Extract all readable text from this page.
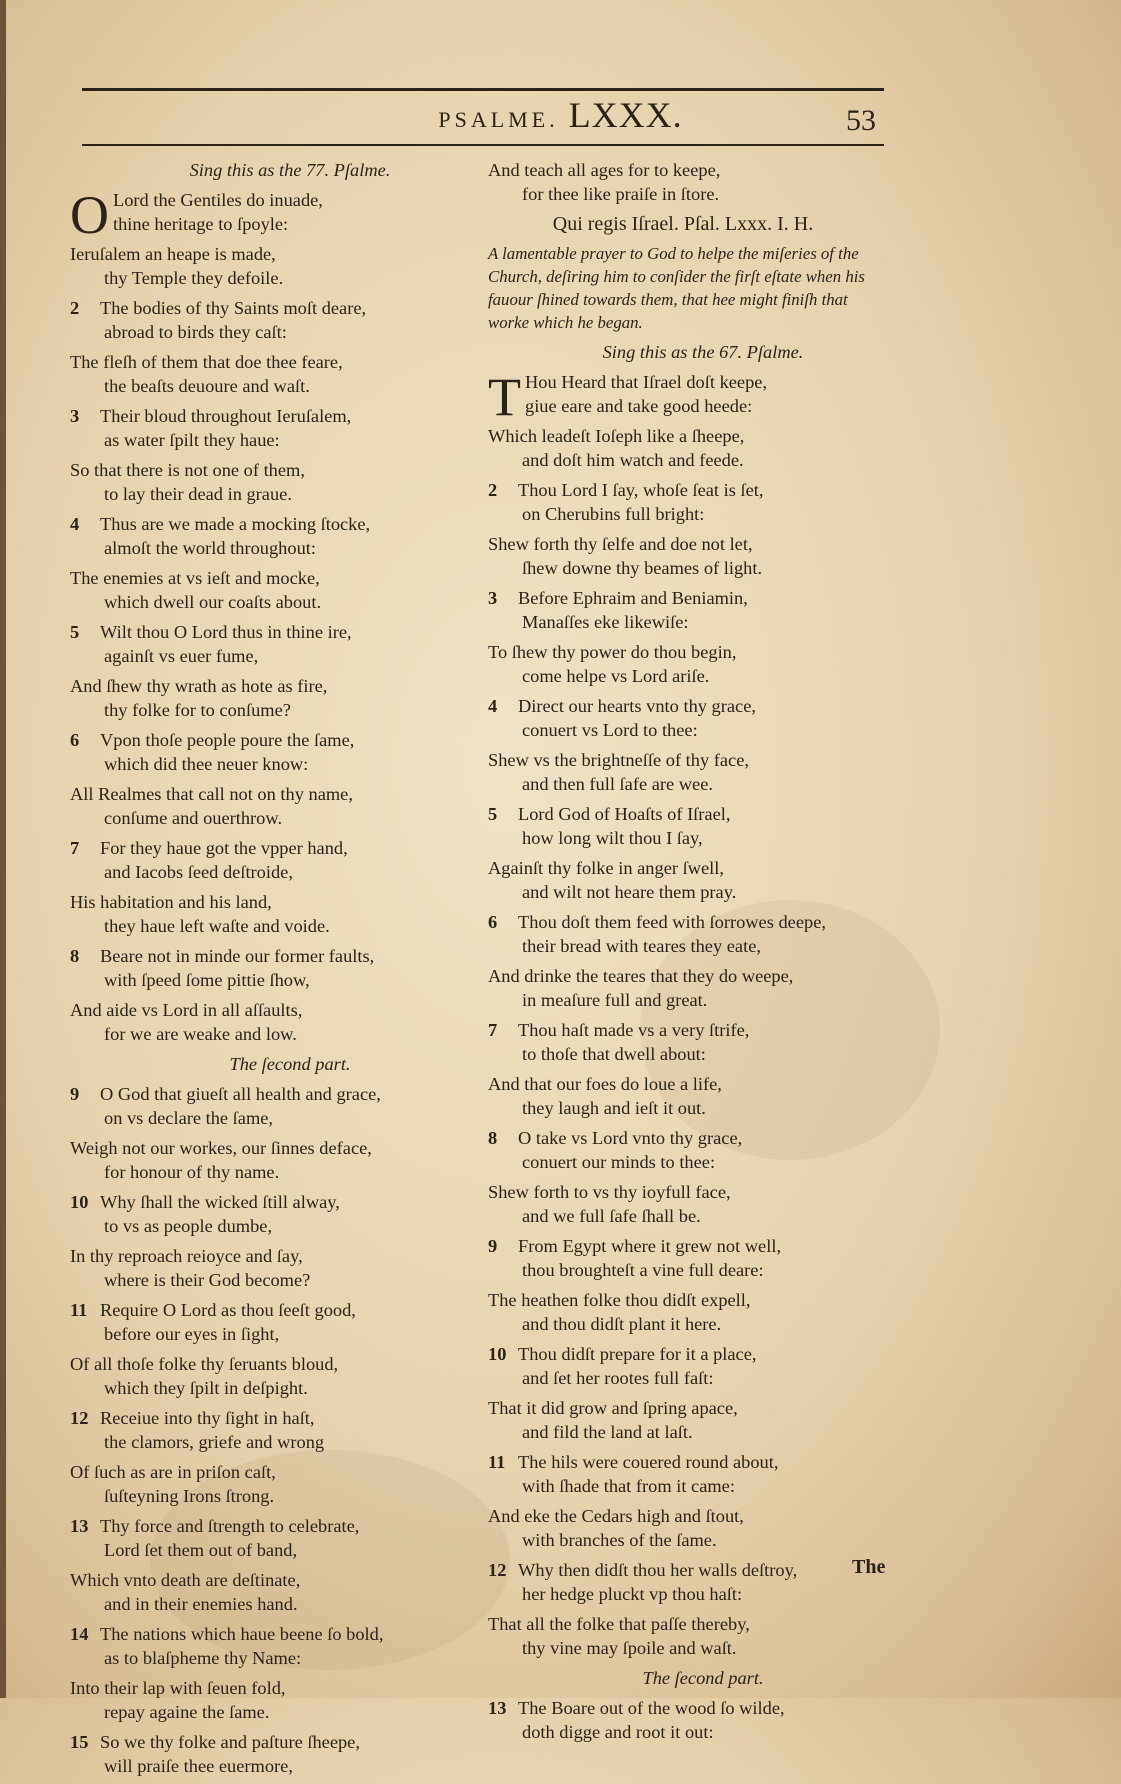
PSALME. LXXX.	53
Sing this as the 77. Pſalme.
O Lord the Gentiles do inuade,
thine heritage to ſpoyle:
Ieruſalem an heape is made,
thy Temple they defoile.
2 The bodies of thy Saints moſt deare,
abroad to birds they caſt:
The fleſh of them that doe thee feare,
the beaſts deuoure and waſt.
3 Their bloud throughout Ieruſalem,
as water ſpilt they haue:
So that there is not one of them,
to lay their dead in graue.
4 Thus are we made a mocking ſtocke,
almoſt the world throughout:
The enemies at vs ieſt and mocke,
which dwell our coaſts about.
5 Wilt thou O Lord thus in thine ire,
againſt vs euer fume,
And ſhew thy wrath as hote as fire,
thy folke for to conſume?
6 Vpon thoſe people poure the ſame,
which did thee neuer know:
All Realmes that call not on thy name,
conſume and ouerthrow.
7 For they haue got the vpper hand,
and Iacobs ſeed deſtroide,
His habitation and his land,
they haue left waſte and voide.
8 Beare not in minde our former faults,
with ſpeed ſome pittie ſhow,
And aide vs Lord in all aſſaults,
for we are weake and low.
The ſecond part.
9 O God that giueſt all health and grace,
on vs declare the ſame,
Weigh not our workes, our ſinnes deface,
for honour of thy name.
10 Why ſhall the wicked ſtill alway,
to vs as people dumbe,
In thy reproach reioyce and ſay,
where is their God become?
11 Require O Lord as thou ſeeſt good,
before our eyes in ſight,
Of all thoſe folke thy ſeruants bloud,
which they ſpilt in deſpight.
12 Receiue into thy ſight in haſt,
the clamors, griefe and wrong
Of ſuch as are in priſon caſt,
ſuſteyning Irons ſtrong.
13 Thy force and ſtrength to celebrate,
Lord ſet them out of band,
Which vnto death are deſtinate,
and in their enemies hand.
14 The nations which haue beene ſo bold,
as to blaſpheme thy Name:
Into their lap with ſeuen fold,
repay againe the ſame.
15 So we thy folke and paſture ſheepe,
will praiſe thee euermore,
And teach all ages for to keepe,
for thee like praiſe in ſtore.
Qui regis Iſrael. Pſal. Lxxx. I. H.
A lamentable prayer to God to helpe the miſeries of the Church, deſiring him to conſider the firſt eſtate when his fauour ſhined towards them, that hee might finiſh that worke which he began.
Sing this as the 67. Pſalme.
T Hou Heard that Iſrael doſt keepe,
giue eare and take good heede:
Which leadeſt Ioſeph like a ſheepe,
and doſt him watch and feede.
2 Thou Lord I ſay, whoſe ſeat is ſet,
on Cherubins full bright:
Shew forth thy ſelfe and doe not let,
ſhew downe thy beames of light.
3 Before Ephraim and Beniamin,
Manaſſes eke likewiſe:
To ſhew thy power do thou begin,
come helpe vs Lord ariſe.
4 Direct our hearts vnto thy grace,
conuert vs Lord to thee:
Shew vs the brightneſſe of thy face,
and then full ſafe are wee.
5 Lord God of Hoaſts of Iſrael,
how long wilt thou I ſay,
Againſt thy folke in anger ſwell,
and wilt not heare them pray.
6 Thou doſt them feed with ſorrowes deepe,
their bread with teares they eate,
And drinke the teares that they do weepe,
in meaſure full and great.
7 Thou haſt made vs a very ſtrife,
to thoſe that dwell about:
And that our foes do loue a life,
they laugh and ieſt it out.
8 O take vs Lord vnto thy grace,
conuert our minds to thee:
Shew forth to vs thy ioyfull face,
and we full ſafe ſhall be.
9 From Egypt where it grew not well,
thou broughteſt a vine full deare:
The heathen folke thou didſt expell,
and thou didſt plant it here.
10 Thou didſt prepare for it a place,
and ſet her rootes full faſt:
That it did grow and ſpring apace,
and fild the land at laſt.
11 The hils were couered round about,
with ſhade that from it came:
And eke the Cedars high and ſtout,
with branches of the ſame.
12 Why then didſt thou her walls deſtroy,
her hedge pluckt vp thou haſt:
That all the folke that paſſe thereby,
thy vine may ſpoile and waſt.
The ſecond part.
13 The Boare out of the wood ſo wilde,
doth digge and root it out:
The
